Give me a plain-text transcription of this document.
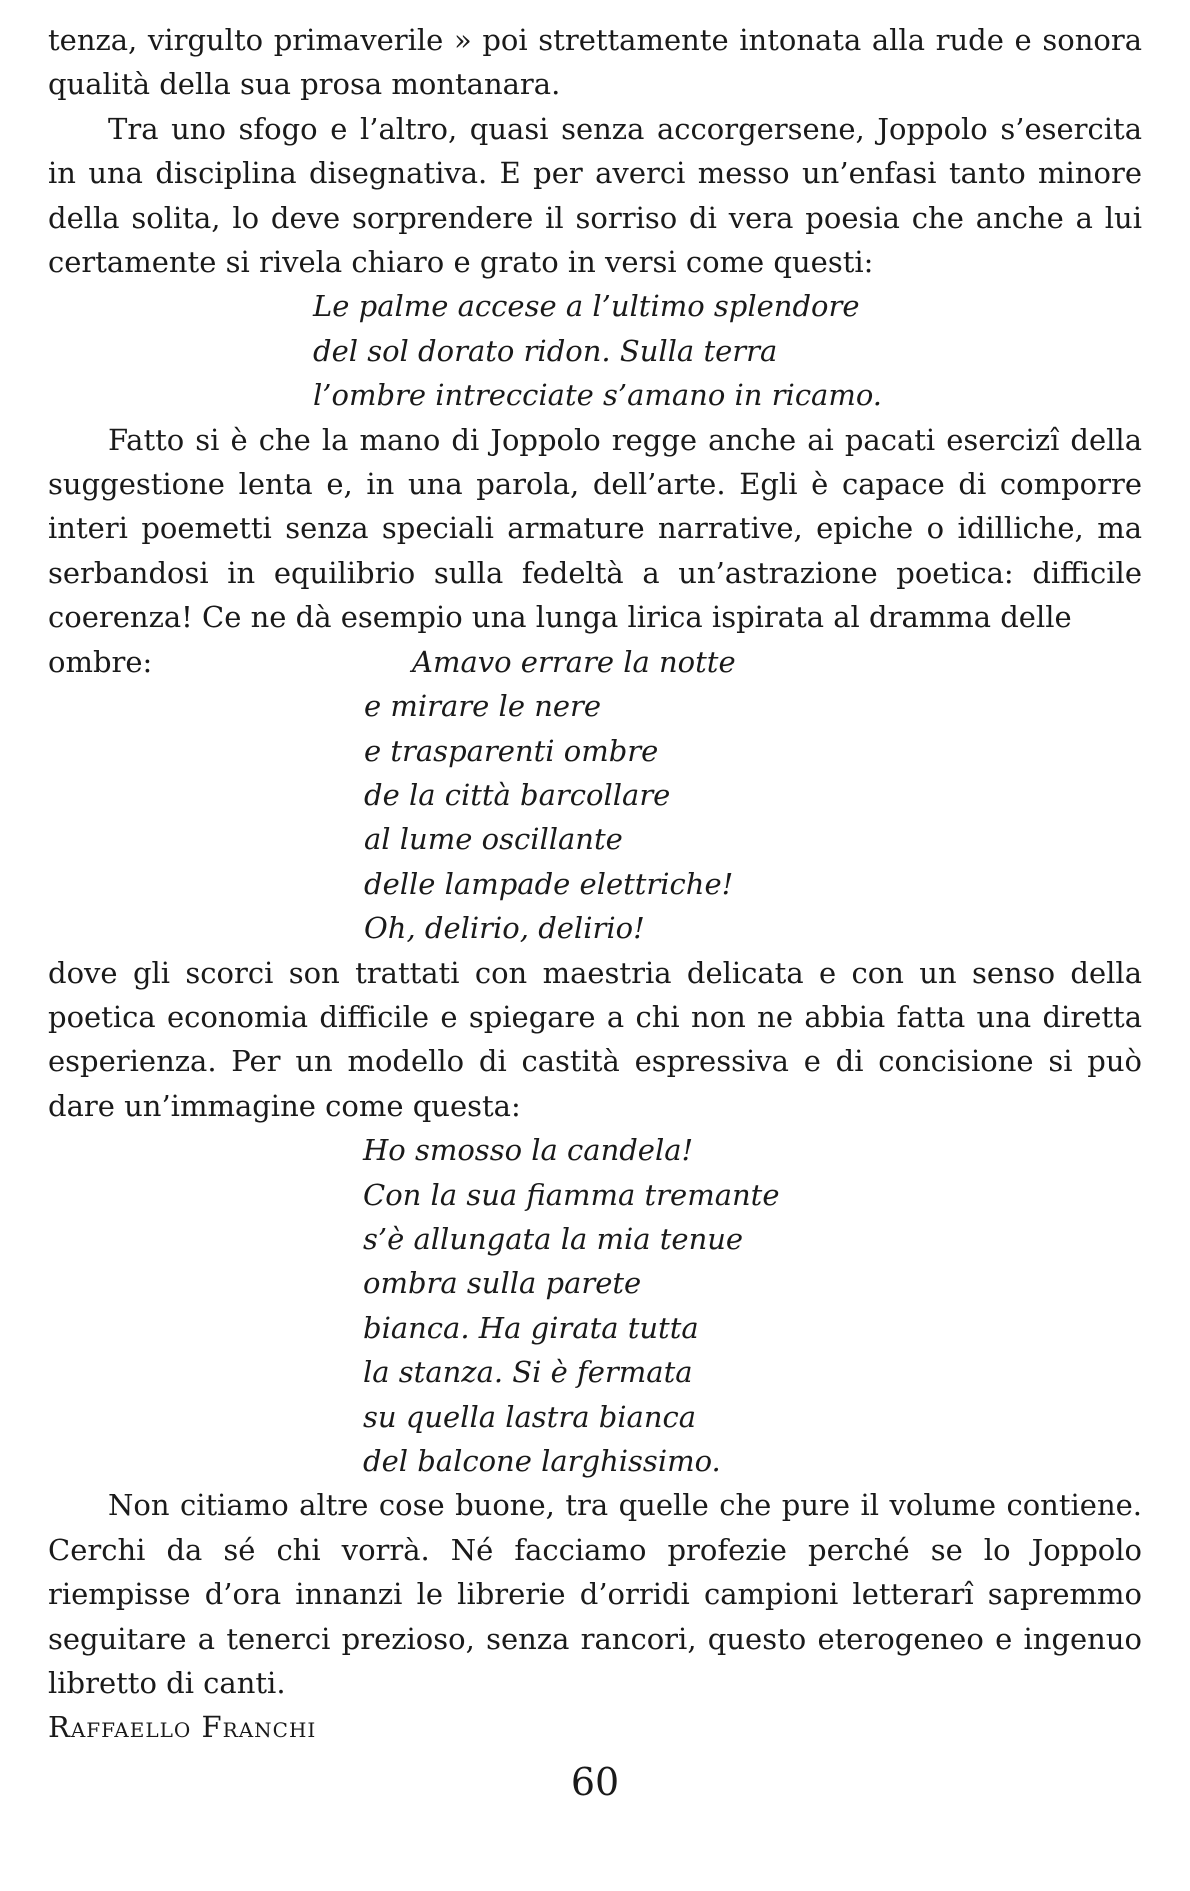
tenza, virgulto primaverile » poi strettamente intonata alla rude e sonora qualità della sua prosa montanara.

Tra uno sfogo e l’altro, quasi senza accorgersene, Joppolo s’esercita in una disciplina disegnativa. E per averci messo un’enfasi tanto minore della solita, lo deve sorprendere il sorriso di vera poesia che anche a lui certamente si rivela chiaro e grato in versi come questi:

Le palme accese a l’ultimo splendore

del sol dorato ridon. Sulla terra

l’ombre intrecciate s’amano in ricamo.

Fatto si è che la mano di Joppolo regge anche ai pacati esercizî della suggestione lenta e, in una parola, dell’arte. Egli è capace di comporre interi poemetti senza speciali armature narrative, epiche o idilliche, ma serbandosi in equilibrio sulla fedeltà a un’astrazione poetica: difficile coerenza! Ce ne dà esempio una lunga lirica ispirata al dramma delle

ombre:	Amavo errare la notte

e mirare le nere

e trasparenti ombre

de la città barcollare

al lume oscillante

delle lampade elettriche!

Oh, delirio, delirio!

dove gli scorci son trattati con maestria delicata e con un senso della poetica economia difficile e spiegare a chi non ne abbia fatta una diretta esperienza. Per un modello di castità espressiva e di concisione si può dare un’immagine come questa:

Ho smosso la candela!

Con la sua fiamma tremante

s’è allungata la mia tenue

ombra sulla parete

bianca. Ha girata tutta

la stanza. Si è fermata

su quella lastra bianca

del balcone larghissimo.

Non citiamo altre cose buone, tra quelle che pure il volume contiene. Cerchi da sé chi vorrà. Né facciamo profezie perché se lo Joppolo riempisse d’ora innanzi le librerie d’orridi campioni letterarî sapremmo seguitare a tenerci prezioso, senza rancori, questo eterogeneo e ingenuo libretto di canti.

Raffaello Franchi

60
